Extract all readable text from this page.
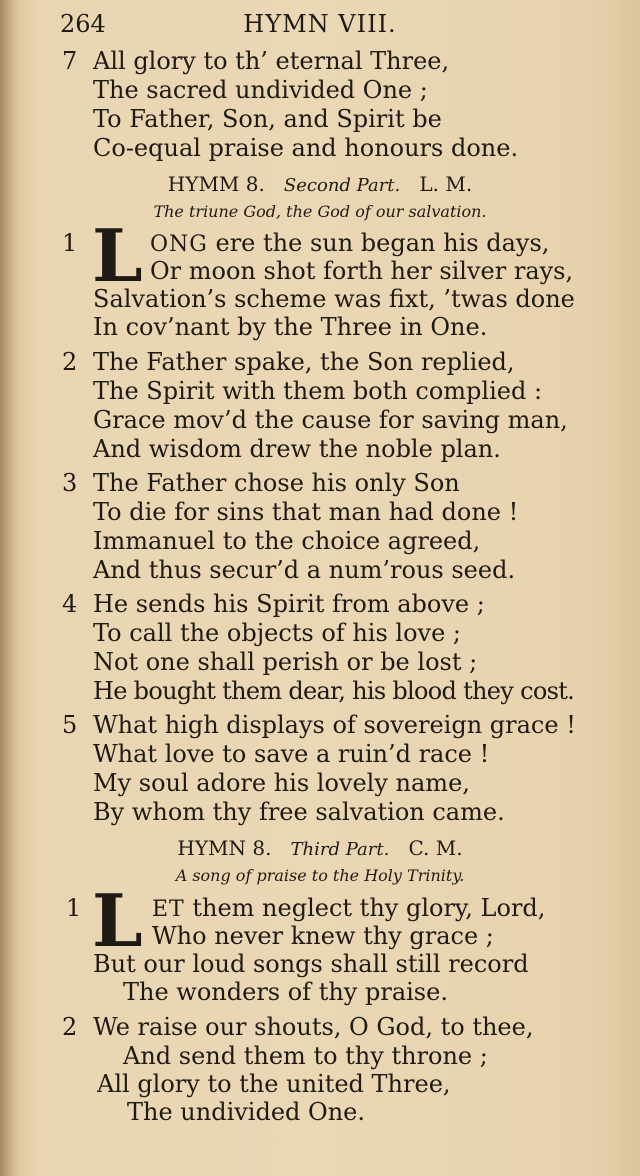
264	HYMN VIII.
7 All glory to th’ eternal Three,
The sacred undivided One ;
To Father, Son, and Spirit be
Co-equal praise and honours done.
HYMM 8. Second Part. L. M.
The triune God, the God of our salvation.
1 L ONG ere the sun began his days,
Or moon shot forth her silver rays,
Salvation’s scheme was fixt, ’twas done
In cov’nant by the Three in One.
2 The Father spake, the Son replied,
The Spirit with them both complied :
Grace mov’d the cause for saving man,
And wisdom drew the noble plan.
3 The Father chose his only Son
To die for sins that man had done !
Immanuel to the choice agreed,
And thus secur’d a num’rous seed.
4 He sends his Spirit from above ;
To call the objects of his love ;
Not one shall perish or be lost ;
He bought them dear, his blood they cost.
5 What high displays of sovereign grace !
What love to save a ruin’d race !
My soul adore his lovely name,
By whom thy free salvation came.
HYMN 8. Third Part. C. M.
A song of praise to the Holy Trinity.
1 L ET them neglect thy glory, Lord,
Who never knew thy grace ;
But our loud songs shall still record
The wonders of thy praise.
2 We raise our shouts, O God, to thee,
And send them to thy throne ;
All glory to the united Three,
The undivided One.
